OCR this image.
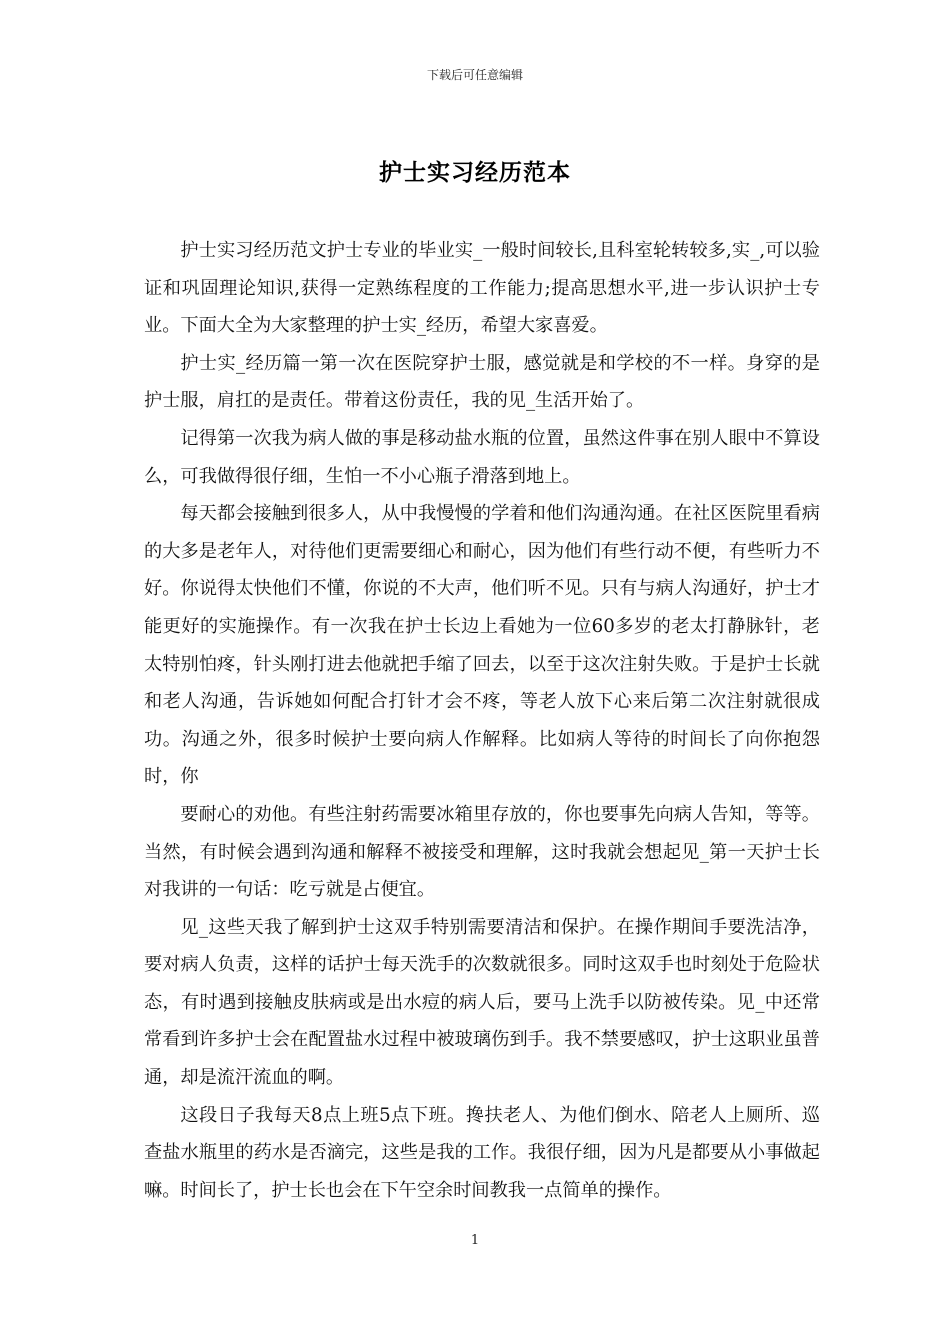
下载后可任意编辑
护士实习经历范本

护士实习经历范文护士专业的毕业实_一般时间较长,且科室轮转较多,实_,可以验证和巩固理论知识,获得一定熟练程度的工作能力;提高思想水平,进一步认识护士专业。下面大全为大家整理的护士实_经历，希望大家喜爱。

护士实_经历篇一第一次在医院穿护士服，感觉就是和学校的不一样。身穿的是护士服，肩扛的是责任。带着这份责任，我的见_生活开始了。

记得第一次我为病人做的事是移动盐水瓶的位置，虽然这件事在别人眼中不算设么，可我做得很仔细，生怕一不小心瓶子滑落到地上。

每天都会接触到很多人，从中我慢慢的学着和他们沟通沟通。在社区医院里看病的大多是老年人，对待他们更需要细心和耐心，因为他们有些行动不便，有些听力不好。你说得太快他们不懂，你说的不大声，他们听不见。只有与病人沟通好，护士才能更好的实施操作。有一次我在护士长边上看她为一位60多岁的老太打静脉针，老太特别怕疼，针头刚打进去他就把手缩了回去，以至于这次注射失败。于是护士长就和老人沟通，告诉她如何配合打针才会不疼，等老人放下心来后第二次注射就很成功。沟通之外，很多时候护士要向病人作解释。比如病人等待的时间长了向你抱怨时，你

要耐心的劝他。有些注射药需要冰箱里存放的，你也要事先向病人告知，等等。当然，有时候会遇到沟通和解释不被接受和理解，这时我就会想起见_第一天护士长对我讲的一句话：吃亏就是占便宜。

见_这些天我了解到护士这双手特别需要清洁和保护。在操作期间手要洗洁净，要对病人负责，这样的话护士每天洗手的次数就很多。同时这双手也时刻处于危险状态，有时遇到接触皮肤病或是出水痘的病人后，要马上洗手以防被传染。见_中还常常看到许多护士会在配置盐水过程中被玻璃伤到手。我不禁要感叹，护士这职业虽普通，却是流汗流血的啊。

这段日子我每天8点上班5点下班。搀扶老人、为他们倒水、陪老人上厕所、巡查盐水瓶里的药水是否滴完，这些是我的工作。我很仔细，因为凡是都要从小事做起嘛。时间长了，护士长也会在下午空余时间教我一点简单的操作。

1
